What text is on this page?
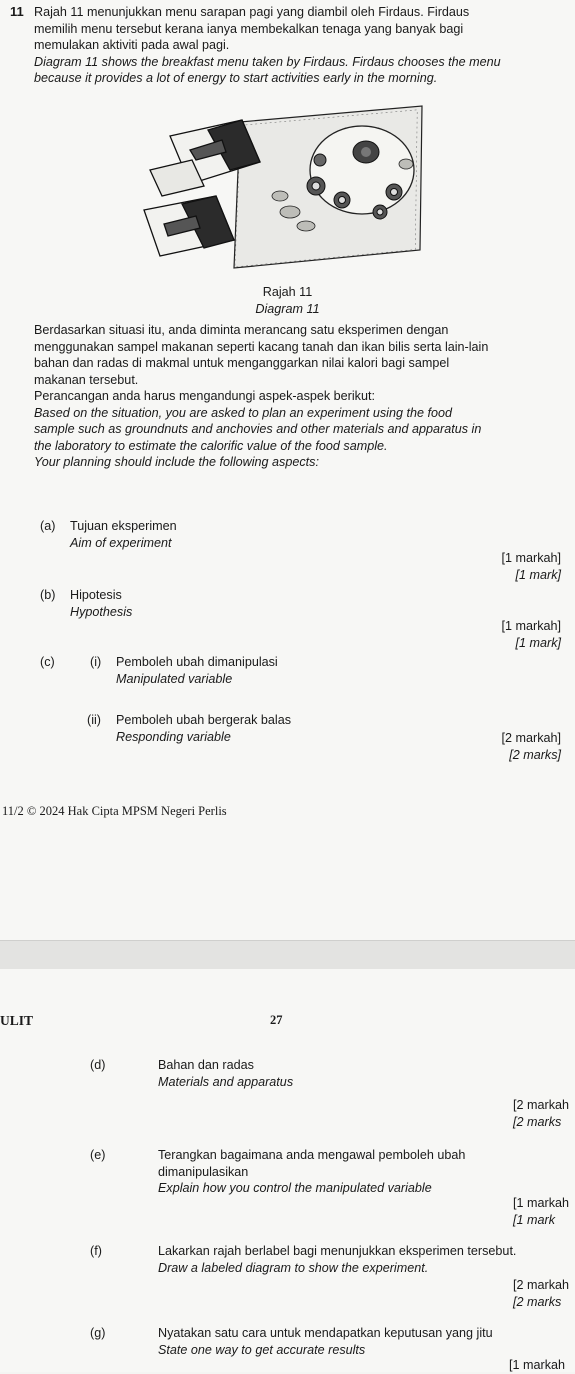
11 Rajah 11 menunjukkan menu sarapan pagi yang diambil oleh Firdaus. Firdaus
memilih menu tersebut kerana ianya membekalkan tenaga yang banyak bagi
memulakan aktiviti pada awal pagi.
Diagram 11 shows the breakfast menu taken by Firdaus. Firdaus chooses the menu
because it provides a lot of energy to start activities early in the morning.
Rajah 11
Diagram 11
Berdasarkan situasi itu, anda diminta merancang satu eksperimen dengan
menggunakan sampel makanan seperti kacang tanah dan ikan bilis serta lain-lain
bahan dan radas di makmal untuk menganggarkan nilai kalori bagi sampel
makanan tersebut.
Perancangan anda harus mengandungi aspek-aspek berikut:
Based on the situation, you are asked to plan an experiment using the food
sample such as groundnuts and anchovies and other materials and apparatus in
the laboratory to estimate the calorific value of the food sample.
Your planning should include the following aspects:
(a) Tujuan eksperimen
Aim of experiment
[1 markah]
[1 mark]
(b) Hipotesis
Hypothesis
[1 markah]
[1 mark]
(c)	(i) Pemboleh ubah dimanipulasi
Manipulated variable
(ii) Pemboleh ubah bergerak balas
Responding variable	[2 markah]
[2 marks]
11/2 © 2024 Hak Cipta MPSM Negeri Perlis
ULIT	27
(d)	Bahan dan radas
Materials and apparatus
[2 markah
[2 marks
(e)	Terangkan bagaimana anda mengawal pemboleh ubah
dimanipulasikan
Explain how you control the manipulated variable
[1 markah
[1 mark
(f)	Lakarkan rajah berlabel bagi menunjukkan eksperimen tersebut.
Draw a labeled diagram to show the experiment.
[2 markah
[2 marks
(g)	Nyatakan satu cara untuk mendapatkan keputusan yang jitu
State one way to get accurate results
[1 markah
